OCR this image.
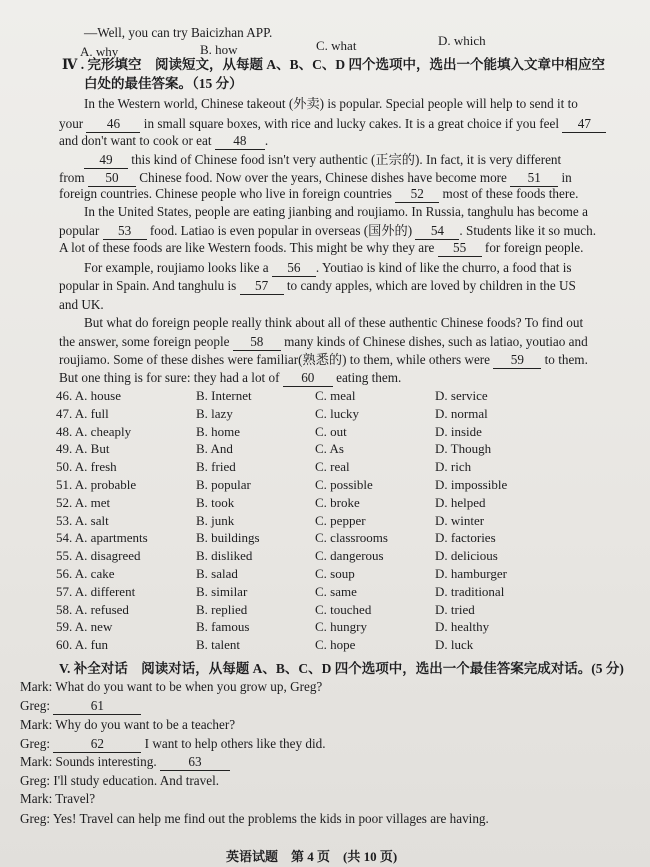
—Well, you can try Baicizhan APP.
A. why	B. how	C. what	D. which
Ⅳ . 完形填空　阅读短文，从每题 A、B、C、D 四个选项中，选出一个能填入文章中相应空
白处的最佳答案。（15 分）
In the Western world, Chinese takeout (外卖) is popular. Special people will help to send it to
your 46 in small square boxes, with rice and lucky cakes. It is a great choice if you feel 47
and don't want to cook or eat 48 .
49 this kind of Chinese food isn't very authentic (正宗的). In fact, it is very different
from 50 Chinese food. Now over the years, Chinese dishes have become more 51 in
foreign countries. Chinese people who live in foreign countries 52 most of these foods there.
In the United States, people are eating jianbing and roujiamo. In Russia, tanghulu has become a
popular 53 food. Latiao is even popular in overseas (国外的) 54 . Students like it so much.
A lot of these foods are like Western foods. This might be why they are 55 for foreign people.
For example, roujiamo looks like a 56 . Youtiao is kind of like the churro, a food that is
popular in Spain. And tanghulu is 57 to candy apples, which are loved by children in the US
and UK.
But what do foreign people really think about all of these authentic Chinese foods? To find out
the answer, some foreign people 58 many kinds of Chinese dishes, such as latiao, youtiao and
roujiamo. Some of these dishes were familiar(熟悉的) to them, while others were 59 to them.
But one thing is for sure: they had a lot of 60 eating them.
46. A. house	B. Internet	C. meal	D. service
47. A. full	B. lazy	C. lucky	D. normal
48. A. cheaply	B. home	C. out	D. inside
49. A. But	B. And	C. As	D. Though
50. A. fresh	B. fried	C. real	D. rich
51. A. probable	B. popular	C. possible	D. impossible
52. A. met	B. took	C. broke	D. helped
53. A. salt	B. junk	C. pepper	D. winter
54. A. apartments	B. buildings	C. classrooms	D. factories
55. A. disagreed	B. disliked	C. dangerous	D. delicious
56. A. cake	B. salad	C. soup	D. hamburger
57. A. different	B. similar	C. same	D. traditional
58. A. refused	B. replied	C. touched	D. tried
59. A. new	B. famous	C. hungry	D. healthy
60. A. fun	B. talent	C. hope	D. luck
V. 补全对话　阅读对话，从每题 A、B、C、D 四个选项中，选出一个最佳答案完成对话。(5 分)
Mark: What do you want to be when you grow up, Greg?
Greg:	61
Mark: Why do you want to be a teacher?
Greg:	62	I want to help others like they did.
Mark: Sounds interesting. 63
Greg: I'll study education. And travel.
Mark: Travel?
Greg: Yes! Travel can help me find out the problems the kids in poor villages are having.
英语试题　第 4 页　(共 10 页)
